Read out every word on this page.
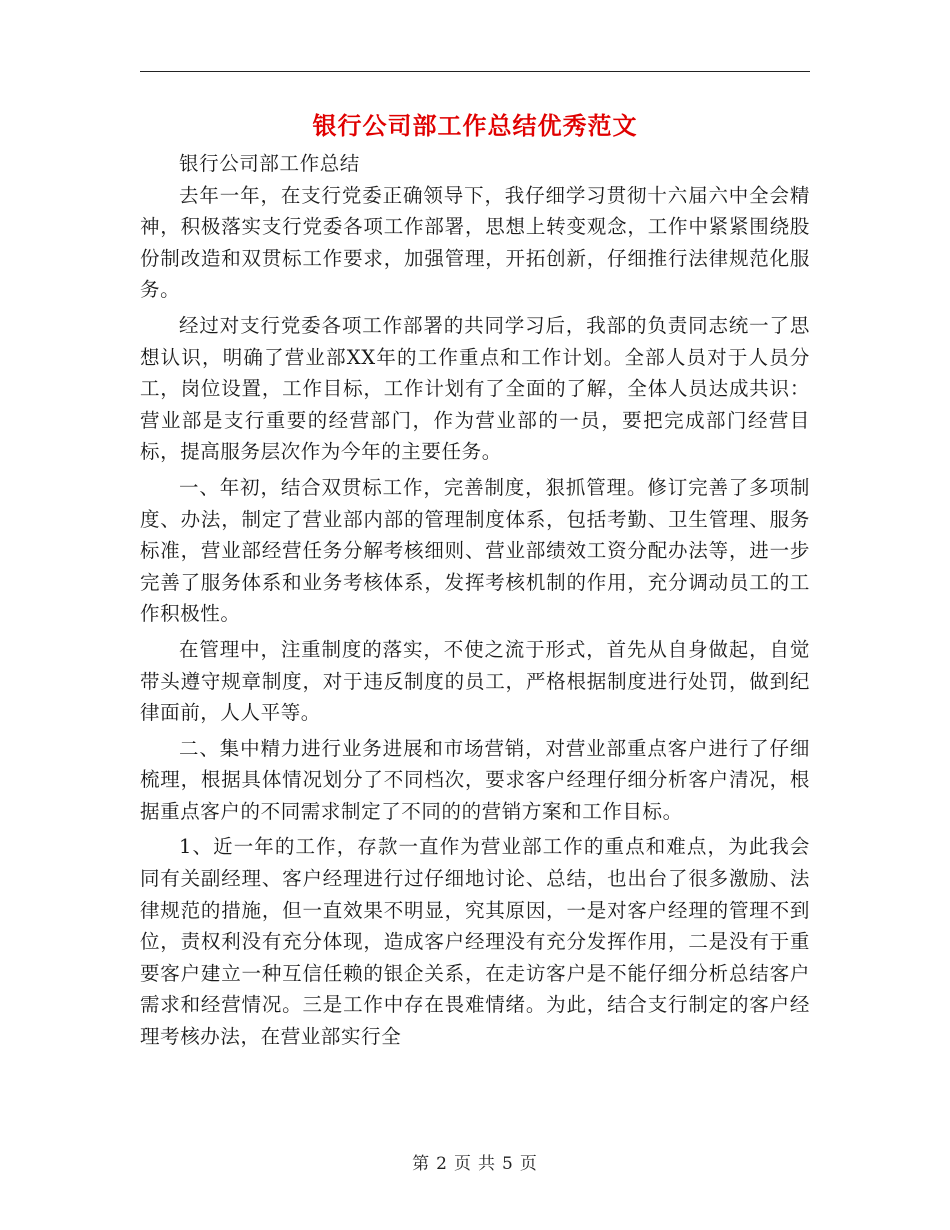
银行公司部工作总结优秀范文

银行公司部工作总结

去年一年，在支行党委正确领导下，我仔细学习贯彻十六届六中全会精神，积极落实支行党委各项工作部署，思想上转变观念，工作中紧紧围绕股份制改造和双贯标工作要求，加强管理，开拓创新，仔细推行法律规范化服务。

经过对支行党委各项工作部署的共同学习后，我部的负责同志统一了思想认识，明确了营业部XX年的工作重点和工作计划。全部人员对于人员分工，岗位设置，工作目标，工作计划有了全面的了解，全体人员达成共识：营业部是支行重要的经营部门，作为营业部的一员，要把完成部门经营目标，提高服务层次作为今年的主要任务。

一、年初，结合双贯标工作，完善制度，狠抓管理。修订完善了多项制度、办法，制定了营业部内部的管理制度体系，包括考勤、卫生管理、服务标准，营业部经营任务分解考核细则、营业部绩效工资分配办法等，进一步完善了服务体系和业务考核体系，发挥考核机制的作用，充分调动员工的工作积极性。

在管理中，注重制度的落实，不使之流于形式，首先从自身做起，自觉带头遵守规章制度，对于违反制度的员工，严格根据制度进行处罚，做到纪律面前，人人平等。

二、集中精力进行业务进展和市场营销，对营业部重点客户进行了仔细梳理，根据具体情况划分了不同档次，要求客户经理仔细分析客户清况，根据重点客户的不同需求制定了不同的的营销方案和工作目标。

1、近一年的工作，存款一直作为营业部工作的重点和难点，为此我会同有关副经理、客户经理进行过仔细地讨论、总结，也出台了很多激励、法律规范的措施，但一直效果不明显，究其原因，一是对客户经理的管理不到位，责权利没有充分体现，造成客户经理没有充分发挥作用，二是没有于重要客户建立一种互信任赖的银企关系，在走访客户是不能仔细分析总结客户需求和经营情况。三是工作中存在畏难情绪。为此，结合支行制定的客户经理考核办法，在营业部实行全

第 2 页 共 5 页
